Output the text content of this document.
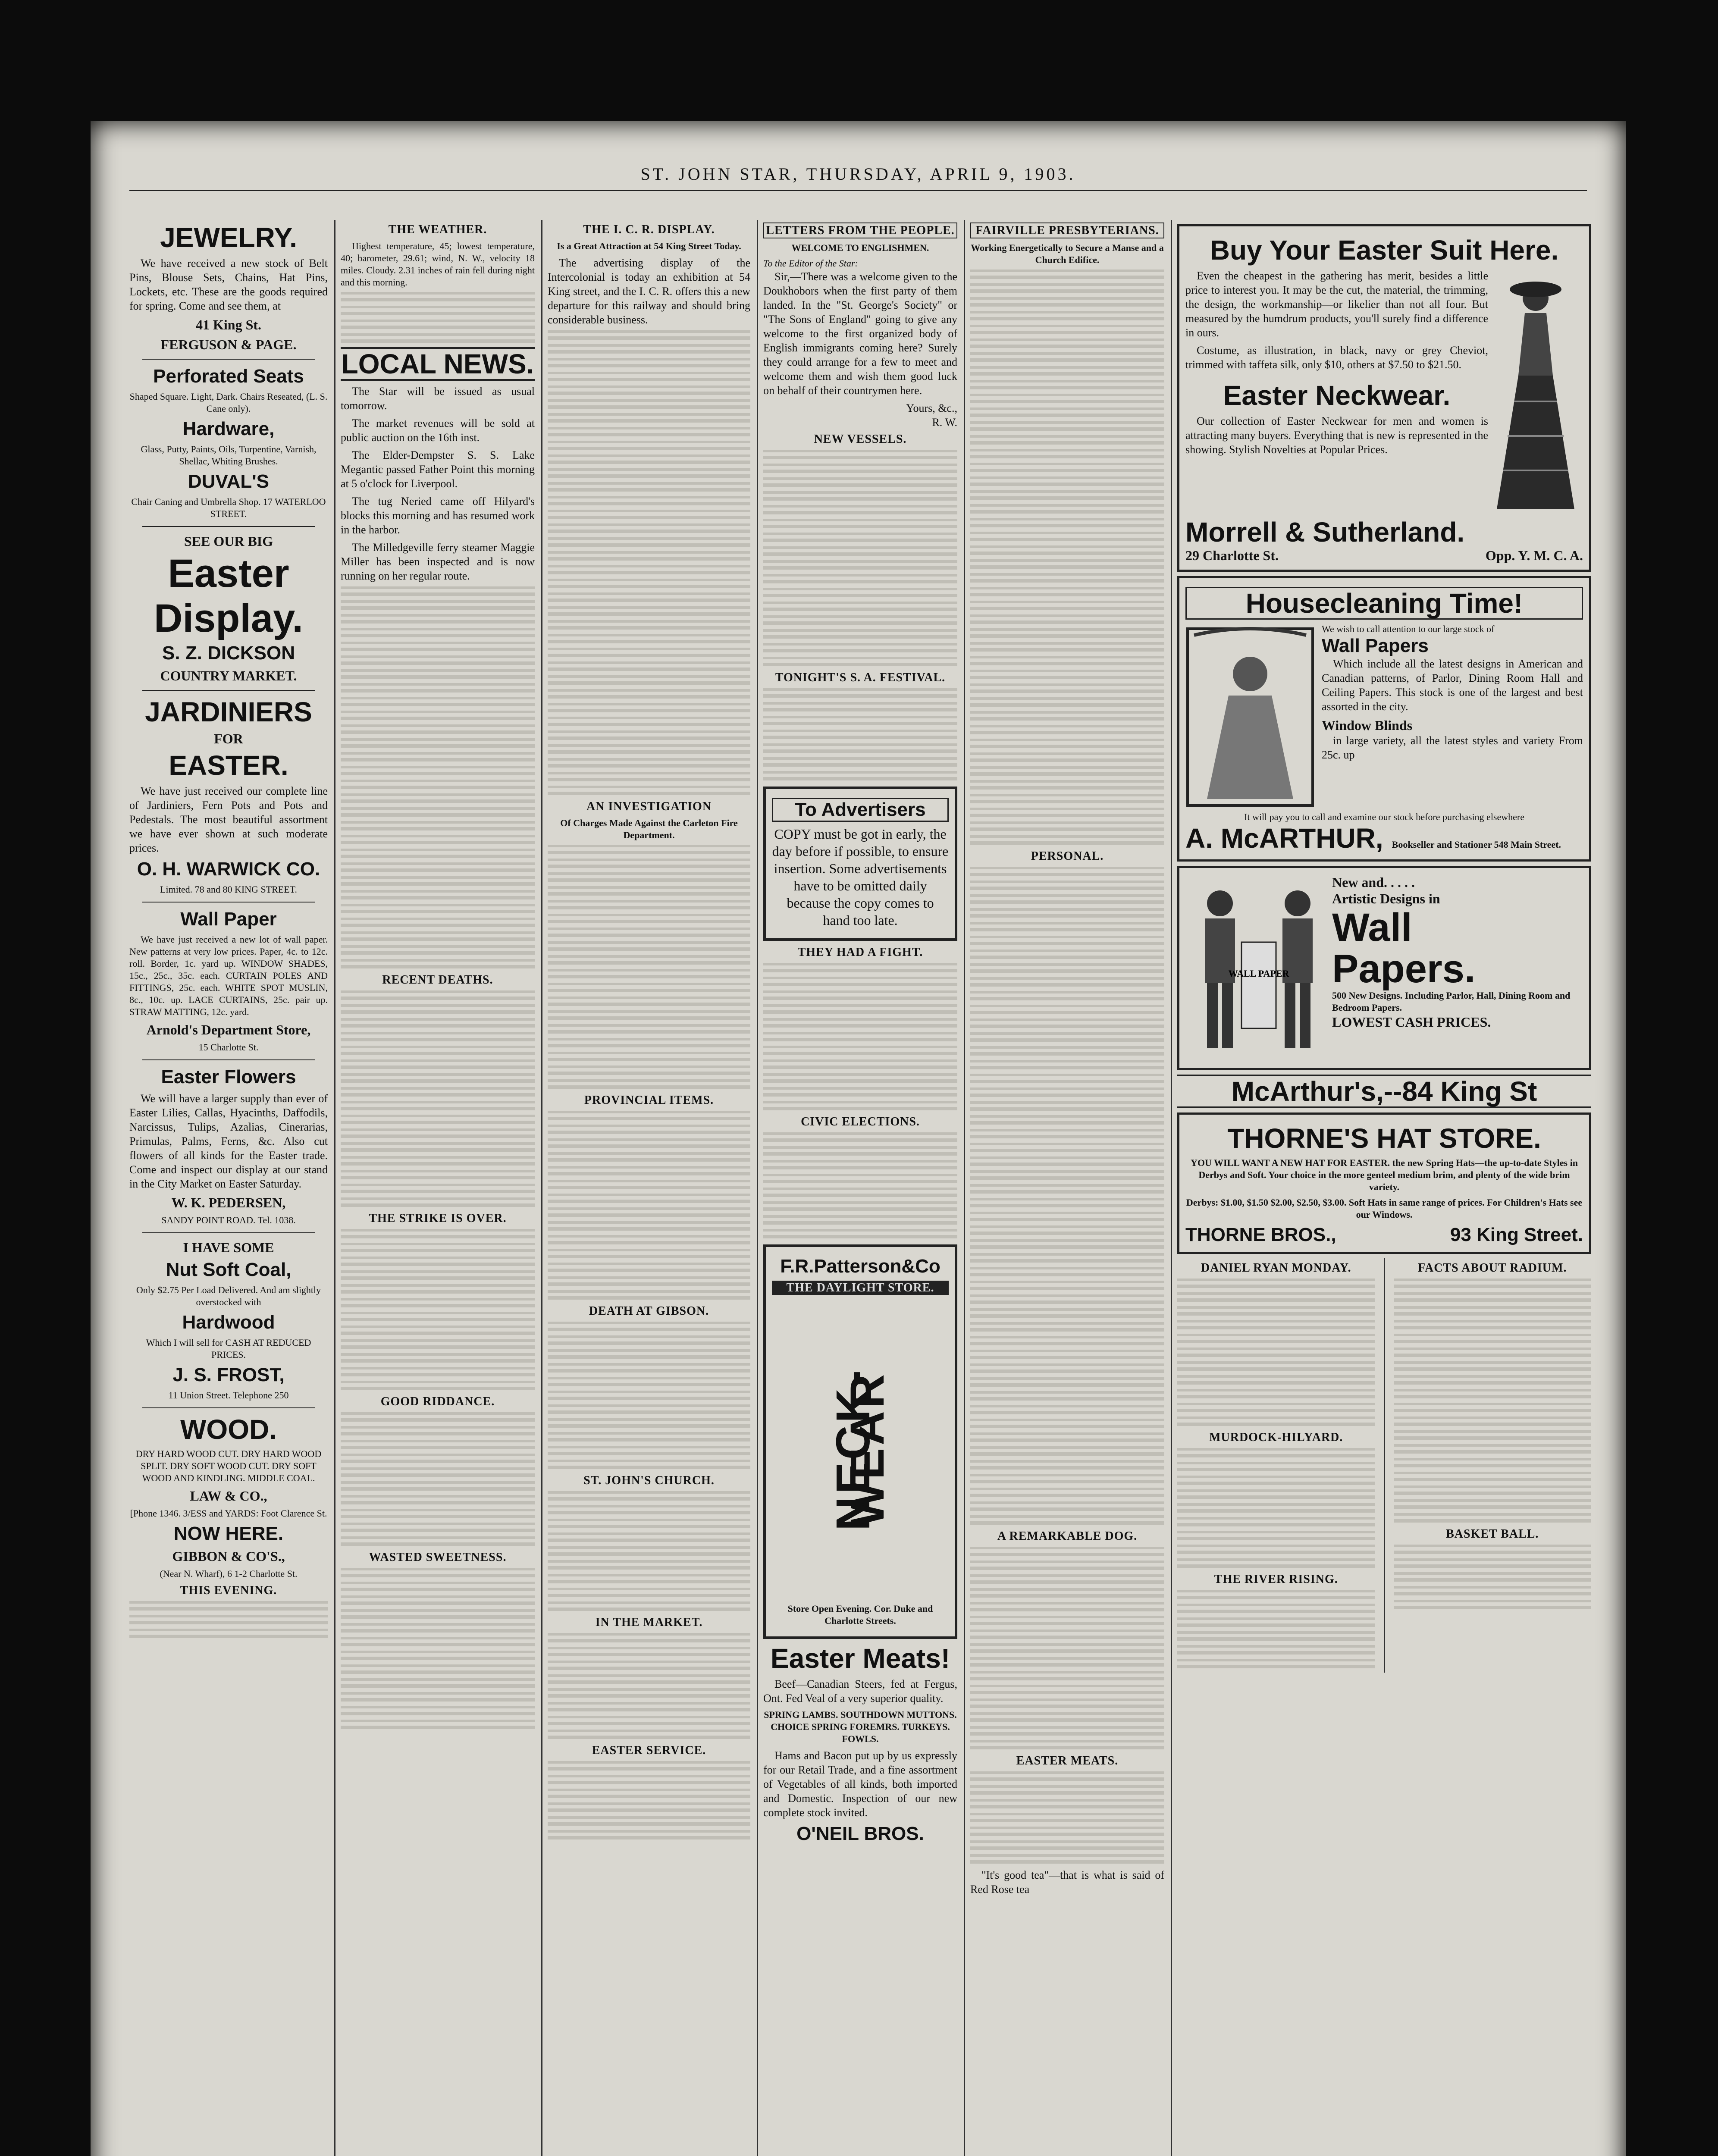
ST. JOHN STAR, THURSDAY, APRIL 9, 1903.
JEWELRY.

We have received a new stock of Belt Pins, Blouse Sets, Chains, Hat Pins, Lockets, etc. These are the goods required for spring. Come and see them, at

41 King St.
FERGUSON & PAGE.
Perforated Seats
Shaped Square. Light, Dark. Chairs Reseated, (L. S. Cane only).
Hardware,
Glass, Putty, Paints, Oils, Turpentine, Varnish, Shellac, Whiting Brushes.
DUVAL'S
Chair Caning and Umbrella Shop. 17 WATERLOO STREET.
SEE OUR BIG
Easter
Display.
S. Z. DICKSON
COUNTRY MARKET.
JARDINIERS
FOR
EASTER.

We have just received our complete line of Jardiniers, Fern Pots and Pots and Pedestals. The most beautiful assortment we have ever shown at such moderate prices.

O. H. WARWICK CO.
Limited. 78 and 80 KING STREET.
Wall Paper

We have just received a new lot of wall paper. New patterns at very low prices. Paper, 4c. to 12c. roll. Border, 1c. yard up. WINDOW SHADES, 15c., 25c., 35c. each. CURTAIN POLES AND FITTINGS, 25c. each. WHITE SPOT MUSLIN, 8c., 10c. up. LACE CURTAINS, 25c. pair up. STRAW MATTING, 12c. yard.

Arnold's Department Store,
15 Charlotte St.
Easter Flowers

We will have a larger supply than ever of Easter Lilies, Callas, Hyacinths, Daffodils, Narcissus, Tulips, Azalias, Cinerarias, Primulas, Palms, Ferns, &c. Also cut flowers of all kinds for the Easter trade. Come and inspect our display at our stand in the City Market on Easter Saturday.

W. K. PEDERSEN,
SANDY POINT ROAD. Tel. 1038.
I HAVE SOME
Nut Soft Coal,
Only $2.75 Per Load Delivered. And am slightly overstocked with
Hardwood
Which I will sell for CASH AT REDUCED PRICES.
J. S. FROST,
11 Union Street. Telephone 250
WOOD.
DRY HARD WOOD CUT. DRY HARD WOOD SPLIT. DRY SOFT WOOD CUT. DRY SOFT WOOD AND KINDLING. MIDDLE COAL.
LAW & CO.,
[Phone 1346. 3/ESS and YARDS: Foot Clarence St.
NOW HERE.
GIBBON & CO'S.,
(Near N. Wharf), 6 1-2 Charlotte St.
THIS EVENING.
THE WEATHER.

Highest temperature, 45; lowest temperature, 40; barometer, 29.61; wind, N. W., velocity 18 miles. Cloudy. 2.31 inches of rain fell during night and this morning.

LOCAL NEWS.

The Star will be issued as usual tomorrow.

The market revenues will be sold at public auction on the 16th inst.

The Elder-Dempster S. S. Lake Megantic passed Father Point this morning at 5 o'clock for Liverpool.

The tug Neried came off Hilyard's blocks this morning and has resumed work in the harbor.

The Milledgeville ferry steamer Maggie Miller has been inspected and is now running on her regular route.

RECENT DEATHS.
THE STRIKE IS OVER.
GOOD RIDDANCE.
WASTED SWEETNESS.
THE I. C. R. DISPLAY.
Is a Great Attraction at 54 King Street Today.

The advertising display of the Intercolonial is today an exhibition at 54 King street, and the I. C. R. offers this a new departure for this railway and should bring considerable business.

AN INVESTIGATION
Of Charges Made Against the Carleton Fire Department.
PROVINCIAL ITEMS.
DEATH AT GIBSON.
ST. JOHN'S CHURCH.
IN THE MARKET.
EASTER SERVICE.
LETTERS FROM THE PEOPLE.
WELCOME TO ENGLISHMEN.
To the Editor of the Star:

Sir,—There was a welcome given to the Doukhobors when the first party of them landed. In the "St. George's Society" or "The Sons of England" going to give any welcome to the first organized body of English immigrants coming here? Surely they could arrange for a few to meet and welcome them and wish them good luck on behalf of their countrymen here.

Yours, &c.,
R. W.
NEW VESSELS.
TONIGHT'S S. A. FESTIVAL.
To Advertisers
COPY must be got in early, the day before if possible, to ensure insertion. Some advertisements have to be omitted daily because the copy comes to hand too late.
THEY HAD A FIGHT.
CIVIC ELECTIONS.
F.R.Patterson&Co
THE DAYLIGHT STORE.
NECK-WEAR
Store Open Evening. Cor. Duke and Charlotte Streets.
Easter Meats!

Beef—Canadian Steers, fed at Fergus, Ont. Fed Veal of a very superior quality.

SPRING LAMBS. SOUTHDOWN MUTTONS. CHOICE SPRING FOREMRS. TURKEYS. FOWLS.

Hams and Bacon put up by us expressly for our Retail Trade, and a fine assortment of Vegetables of all kinds, both imported and Domestic. Inspection of our new complete stock invited.

O'NEIL BROS.
FAIRVILLE PRESBYTERIANS.
Working Energetically to Secure a Manse and a Church Edifice.
PERSONAL.
A REMARKABLE DOG.
EASTER MEATS.

"It's good tea"—that is what is said of Red Rose tea

Buy Your Easter Suit Here.

Even the cheapest in the gathering has merit, besides a little price to interest you. It may be the cut, the material, the trimming, the design, the workmanship—or likelier than not all four. But measured by the humdrum products, you'll surely find a difference in ours.

Costume, as illustration, in black, navy or grey Cheviot, trimmed with taffeta silk, only $10, others at $7.50 to $21.50.

Easter Neckwear.

Our collection of Easter Neckwear for men and women is attracting many buyers. Everything that is new is represented in the showing. Stylish Novelties at Popular Prices.

Morrell & Sutherland.
29 Charlotte St.	Opp. Y. M. C. A.
Housecleaning Time!
We wish to call attention to our large stock of
Wall Papers

Which include all the latest designs in American and Canadian patterns, of Parlor, Dining Room Hall and Ceiling Papers. This stock is one of the largest and best assorted in the city.

Window Blinds

in large variety, all the latest styles and variety From 25c. up

It will pay you to call and examine our stock before purchasing elsewhere
A. McARTHUR, Bookseller and Stationer 548 Main Street.
WALL PAPER
New and. . . . .
Artistic Designs in
Wall
Papers.
500 New Designs. Including Parlor, Hall, Dining Room and Bedroom Papers.
LOWEST CASH PRICES.
McArthur's,--84 King St
THORNE'S HAT STORE.
YOU WILL WANT A NEW HAT FOR EASTER. the new Spring Hats—the up-to-date Styles in Derbys and Soft. Your choice in the more genteel medium brim, and plenty of the wide brim variety.
Derbys: $1.00, $1.50 $2.00, $2.50, $3.00. Soft Hats in same range of prices. For Children's Hats see our Windows.
THORNE BROS.,	93 King Street.
DANIEL RYAN MONDAY.
MURDOCK-HILYARD.
THE RIVER RISING.
FACTS ABOUT RADIUM.
BASKET BALL.
